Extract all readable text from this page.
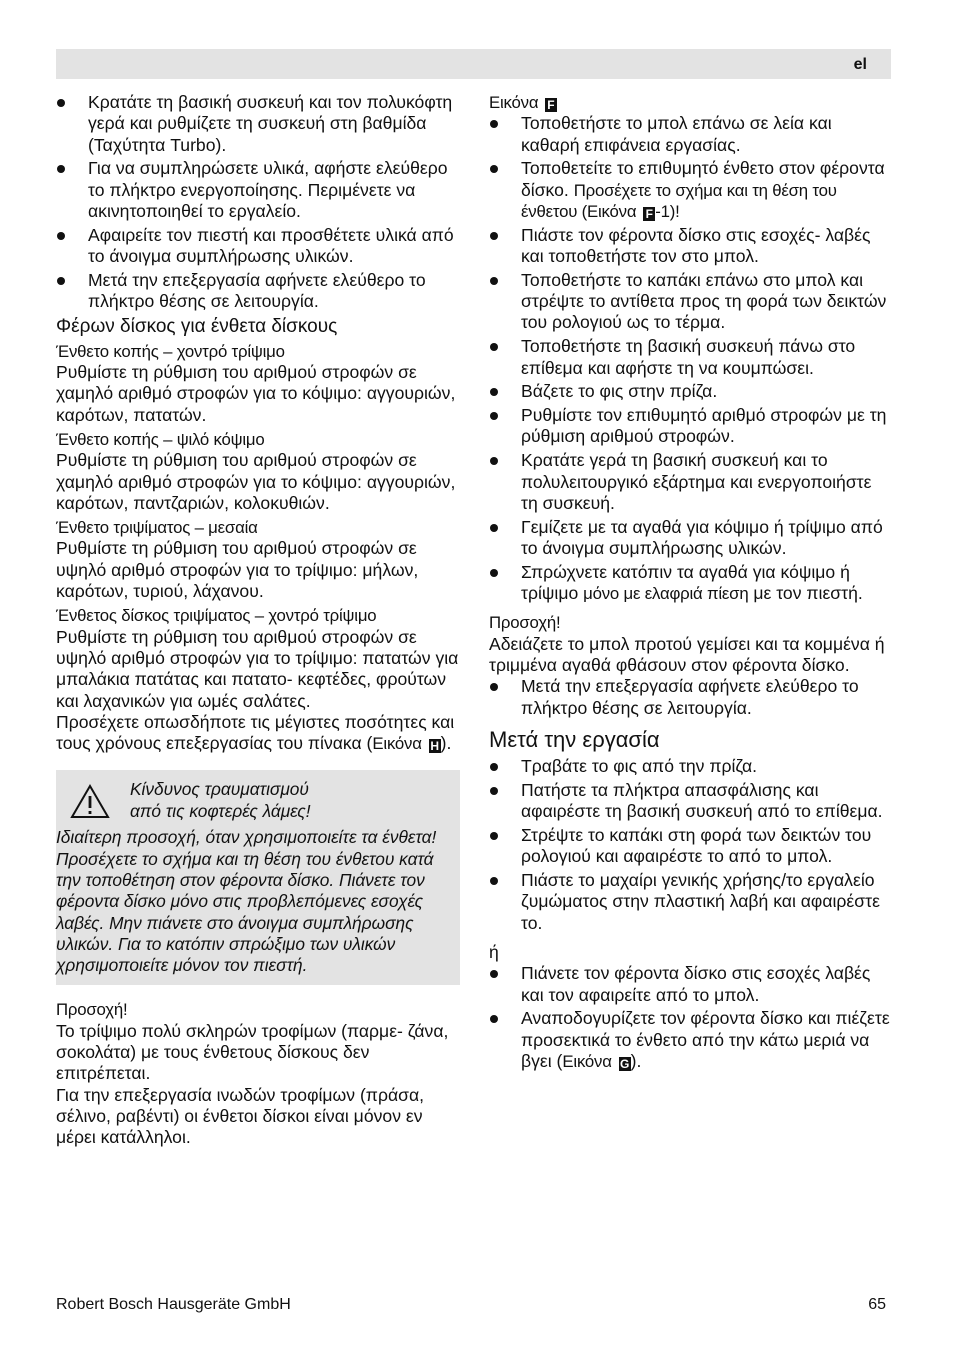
el
Κρατάτε τη βασική συσκευή και τον πολυκόφτη γερά και ρυθμίζετε τη συσκευή στη βαθμίδα (Ταχύτητα Turbo).
Για να συμπληρώσετε υλικά, αφήστε ελεύθερο το πλήκτρο ενεργοποίησης. Περιμένετε να ακινητοποιηθεί το εργαλείο.
Αφαιρείτε τον πιεστή και προσθέτετε υλικά από το άνοιγμα συμπλήρωσης υλικών.
Μετά την επεξεργασία αφήνετε ελεύθερο το πλήκτρο θέσης σε λειτουργία.
Φέρων δίσκος για ένθετα δίσκους
Ένθετο κοπής – χοντρό τρίψιμο

Ρυθμίστε τη ρύθμιση του αριθμού στροφών σε χαμηλό αριθμό στροφών για το κόψιμο: αγγουριών, καρότων, πατατών.

Ένθετο κοπής – ψιλό κόψιμο

Ρυθμίστε τη ρύθμιση του αριθμού στροφών σε χαμηλό αριθμό στροφών για το κόψιμο: αγγουριών, καρότων, παντζαριών, κολοκυθιών.

Ένθετο τριψίματος – μεσαία

Ρυθμίστε τη ρύθμιση του αριθμού στροφών σε υψηλό αριθμό στροφών για το τρίψιμο: μήλων, καρότων, τυριού, λάχανου.

Ένθετος δίσκος τριψίματος – χοντρό τρίψιμο

Ρυθμίστε τη ρύθμιση του αριθμού στροφών σε υψηλό αριθμό στροφών για το τρίψιμο: πατατών για μπαλάκια πατάτας και πατατο- κεφτέδες, φρούτων και λαχανικών για ωμές σαλάτες.

Προσέχετε οπωσδήποτε τις μέγιστες ποσότητες και τους χρόνους επεξεργασίας του πίνακα (Εικόνα H).

Κίνδυνος τραυματισμού
από τις κοφτερές λάμες!

Ιδιαίτερη προσοχή, όταν χρησιμοποιείτε τα ένθετα! Προσέχετε το σχήμα και τη θέση του ένθετου κατά την τοποθέτηση στον φέροντα δίσκο. Πιάνετε τον φέροντα δίσκο μόνο στις προβλεπόμενες εσοχές λαβές. Μην πιάνετε στο άνοιγμα συμπλήρωσης υλικών. Για το κατόπιν σπρώξιμο των υλικών χρησιμοποιείτε μόνον τον πιεστή.

Προσοχή!

Το τρίψιμο πολύ σκληρών τροφίμων (παρμε- ζάνα, σοκολάτα) με τους ένθετους δίσκους δεν επιτρέπεται.

Για την επεξεργασία ινωδών τροφίμων (πράσα, σέλινο, ραβέντι) οι ένθετοι δίσκοι είναι μόνον εν μέρει κατάλληλοι.

Εικόνα F
Τοποθετήστε το μπολ επάνω σε λεία και καθαρή επιφάνεια εργασίας.
Τοποθετείτε το επιθυμητό ένθετο στον φέροντα δίσκο. Προσέχετε το σχήμα και τη θέση του ένθετου (Εικόνα F -1)!
Πιάστε τον φέροντα δίσκο στις εσοχές- λαβές και τοποθετήστε τον στο μπολ.
Τοποθετήστε το καπάκι επάνω στο μπολ και στρέψτε το αντίθετα προς τη φορά των δεικτών του ρολογιού ως το τέρμα.
Τοποθετήστε τη βασική συσκευή πάνω στο επίθεμα και αφήστε τη να κουμπώσει.
Βάζετε το φις στην πρίζα.
Ρυθμίστε τον επιθυμητό αριθμό στροφών με τη ρύθμιση αριθμού στροφών.
Κρατάτε γερά τη βασική συσκευή και το πολυλειτουργικό εξάρτημα και ενεργοποιήστε τη συσκευή.
Γεμίζετε με τα αγαθά για κόψιμο ή τρίψιμο από το άνοιγμα συμπλήρωσης υλικών.
Σπρώχνετε κατόπιν τα αγαθά για κόψιμο ή τρίψιμο μόνο με ελαφριά πίεση με τον πιεστή.
Προσοχή!

Αδειάζετε το μπολ προτού γεμίσει και τα κομμένα ή τριμμένα αγαθά φθάσουν στον φέροντα δίσκο.

Μετά την επεξεργασία αφήνετε ελεύθερο το πλήκτρο θέσης σε λειτουργία.
Μετά την εργασία
Τραβάτε το φις από την πρίζα.
Πατήστε τα πλήκτρα απασφάλισης και αφαιρέστε τη βασική συσκευή από το επίθεμα.
Στρέψτε το καπάκι στη φορά των δεικτών του ρολογιού και αφαιρέστε το από το μπολ.
Πιάστε το μαχαίρι γενικής χρήσης/το εργαλείο ζυμώματος στην πλαστική λαβή και αφαιρέστε το.

ή

Πιάνετε τον φέροντα δίσκο στις εσοχές λαβές και τον αφαιρείτε από το μπολ.
Αναποδογυρίζετε τον φέροντα δίσκο και πιέζετε προσεκτικά το ένθετο από την κάτω μεριά να βγει (Εικόνα G).
Robert Bosch Hausgeräte GmbH	65
